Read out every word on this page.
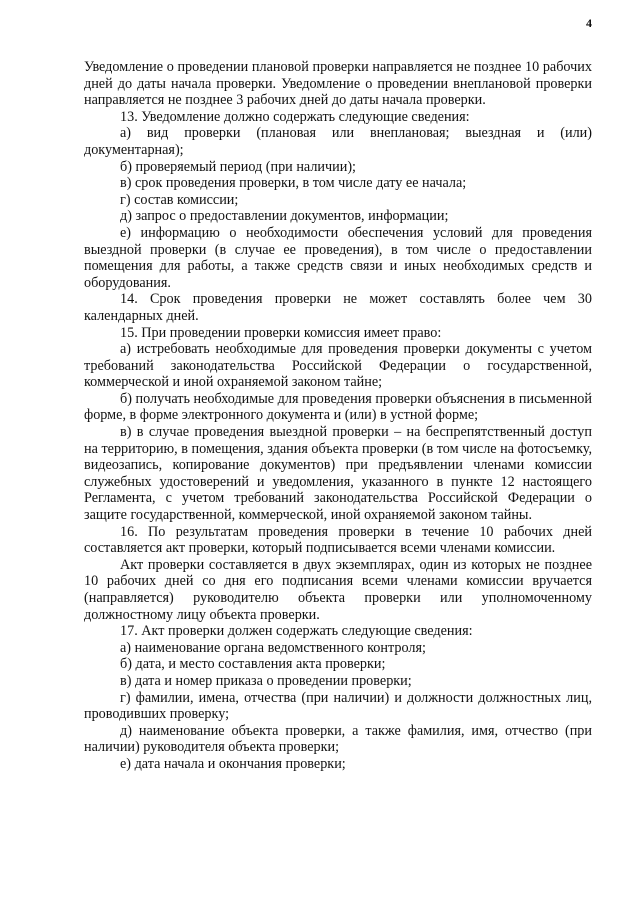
4

Уведомление о проведении плановой проверки направляется не позднее 10 рабочих дней до даты начала проверки. Уведомление о проведении внеплановой проверки направляется не позднее 3 рабочих дней до даты начала проверки.

13. Уведомление должно содержать следующие сведения:

а) вид проверки (плановая или внеплановая; выездная и (или) документарная);

б) проверяемый период (при наличии);

в) срок проведения проверки, в том числе дату ее начала;

г) состав комиссии;

д) запрос о предоставлении документов, информации;

е) информацию о необходимости обеспечения условий для проведения выездной проверки (в случае ее проведения), в том числе о предоставлении помещения для работы, а также средств связи и иных необходимых средств и оборудования.

14. Срок проведения проверки не может составлять более чем 30 календарных дней.

15. При проведении проверки комиссия имеет право:

а) истребовать необходимые для проведения проверки документы с учетом требований законодательства Российской Федерации о государственной, коммерческой и иной охраняемой законом тайне;

б) получать необходимые для проведения проверки объяснения в письменной форме, в форме электронного документа и (или) в устной форме;

в) в случае проведения выездной проверки – на беспрепятственный доступ на территорию, в помещения, здания объекта проверки (в том числе на фотосъемку, видеозапись, копирование документов) при предъявлении членами комиссии служебных удостоверений и уведомления, указанного в пункте 12 настоящего Регламента, с учетом требований законодательства Российской Федерации о защите государственной, коммерческой, иной охраняемой законом тайны.

16. По результатам проведения проверки в течение 10 рабочих дней составляется акт проверки, который подписывается всеми членами комиссии.

Акт проверки составляется в двух экземплярах, один из которых не позднее 10 рабочих дней со дня его подписания всеми членами комиссии вручается (направляется) руководителю объекта проверки или уполномоченному должностному лицу объекта проверки.

17. Акт проверки должен содержать следующие сведения:

а) наименование органа ведомственного контроля;

б) дата, и место составления акта проверки;

в) дата и номер приказа о проведении проверки;

г) фамилии, имена, отчества (при наличии) и должности должностных лиц, проводивших проверку;

д) наименование объекта проверки, а также фамилия, имя, отчество (при наличии) руководителя объекта проверки;

е) дата начала и окончания проверки;
